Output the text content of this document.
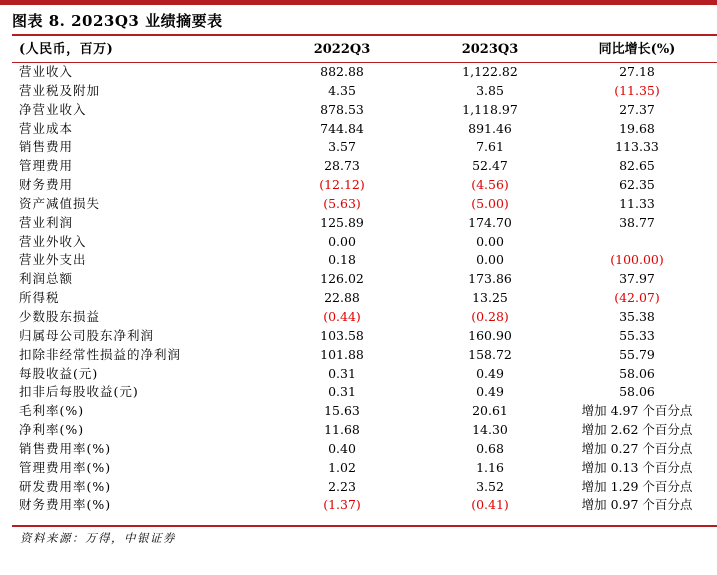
图表 8. 2023Q3 业绩摘要表
(人民币，百万)	2022Q3	2023Q3	同比增长(%)
营业收入	882.88	1,122.82	27.18
营业税及附加	4.35	3.85	(11.35)
净营业收入	878.53	1,118.97	27.37
营业成本	744.84	891.46	19.68
销售费用	3.57	7.61	113.33
管理费用	28.73	52.47	82.65
财务费用	(12.12)	(4.56)	62.35
资产减值损失	(5.63)	(5.00)	11.33
营业利润	125.89	174.70	38.77
营业外收入	0.00	0.00
营业外支出	0.18	0.00	(100.00)
利润总额	126.02	173.86	37.97
所得税	22.88	13.25	(42.07)
少数股东损益	(0.44)	(0.28)	35.38
归属母公司股东净利润	103.58	160.90	55.33
扣除非经常性损益的净利润	101.88	158.72	55.79
每股收益(元)	0.31	0.49	58.06
扣非后每股收益(元)	0.31	0.49	58.06
毛利率(%)	15.63	20.61	增加 4.97 个百分点
净利率(%)	11.68	14.30	增加 2.62 个百分点
销售费用率(%)	0.40	0.68	增加 0.27 个百分点
管理费用率(%)	1.02	1.16	增加 0.13 个百分点
研发费用率(%)	2.23	3.52	增加 1.29 个百分点
财务费用率(%)	(1.37)	(0.41)	增加 0.97 个百分点
资料来源：万得，中银证券
